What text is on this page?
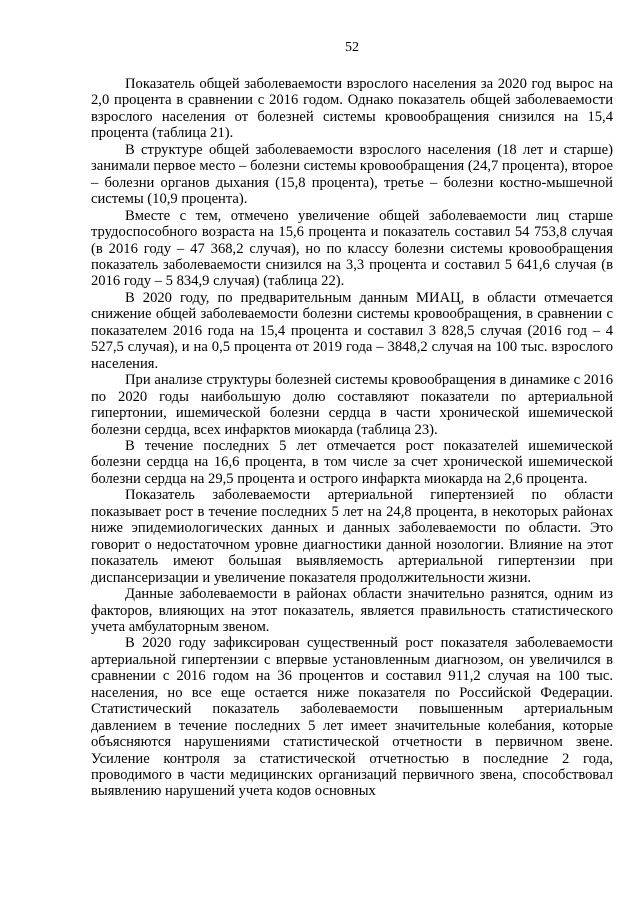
52

Показатель общей заболеваемости взрослого населения за 2020 год вырос на 2,0 процента в сравнении с 2016 годом. Однако показатель общей заболеваемости взрослого населения от болезней системы кровообращения снизился на 15,4 процента (таблица 21).

В структуре общей заболеваемости взрослого населения (18 лет и старше) занимали первое место – болезни системы кровообращения (24,7 процента), второе – болезни органов дыхания (15,8 процента), третье – болезни костно-мышечной системы (10,9 процента).

Вместе с тем, отмечено увеличение общей заболеваемости лиц старше трудоспособного возраста на 15,6 процента и показатель составил 54 753,8 случая (в 2016 году – 47 368,2 случая), но по классу болезни системы кровообращения показатель заболеваемости снизился на 3,3 процента и составил 5 641,6 случая (в 2016 году – 5 834,9 случая) (таблица 22).

В 2020 году, по предварительным данным МИАЦ, в области отмечается снижение общей заболеваемости болезни системы кровообращения, в сравнении с показателем 2016 года на 15,4 процента и составил 3 828,5 случая (2016 год – 4 527,5 случая), и на 0,5 процента от 2019 года – 3848,2 случая на 100 тыс. взрослого населения.

При анализе структуры болезней системы кровообращения в динамике с 2016 по 2020 годы наибольшую долю составляют показатели по артериальной гипертонии, ишемической болезни сердца в части хронической ишемической болезни сердца, всех инфарктов миокарда (таблица 23).

В течение последних 5 лет отмечается рост показателей ишемической болезни сердца на 16,6 процента, в том числе за счет хронической ишемической болезни сердца на 29,5 процента и острого инфаркта миокарда на 2,6 процента.

Показатель заболеваемости артериальной гипертензией по области показывает рост в течение последних 5 лет на 24,8 процента, в некоторых районах ниже эпидемиологических данных и данных заболеваемости по области. Это говорит о недостаточном уровне диагностики данной нозологии. Влияние на этот показатель имеют большая выявляемость артериальной гипертензии при диспансеризации и увеличение показателя продолжительности жизни.

Данные заболеваемости в районах области значительно разнятся, одним из факторов, влияющих на этот показатель, является правильность статистического учета амбулаторным звеном.

В 2020 году зафиксирован существенный рост показателя заболеваемости артериальной гипертензии с впервые установленным диагнозом, он увеличился в сравнении с 2016 годом на 36 процентов и составил 911,2 случая на 100 тыс. населения, но все еще остается ниже показателя по Российской Федерации. Статистический показатель заболеваемости повышенным артериальным давлением в течение последних 5 лет имеет значительные колебания, которые объясняются нарушениями статистической отчетности в первичном звене. Усиление контроля за статистической отчетностью в последние 2 года, проводимого в части медицинских организаций первичного звена, способствовал выявлению нарушений учета кодов основных
